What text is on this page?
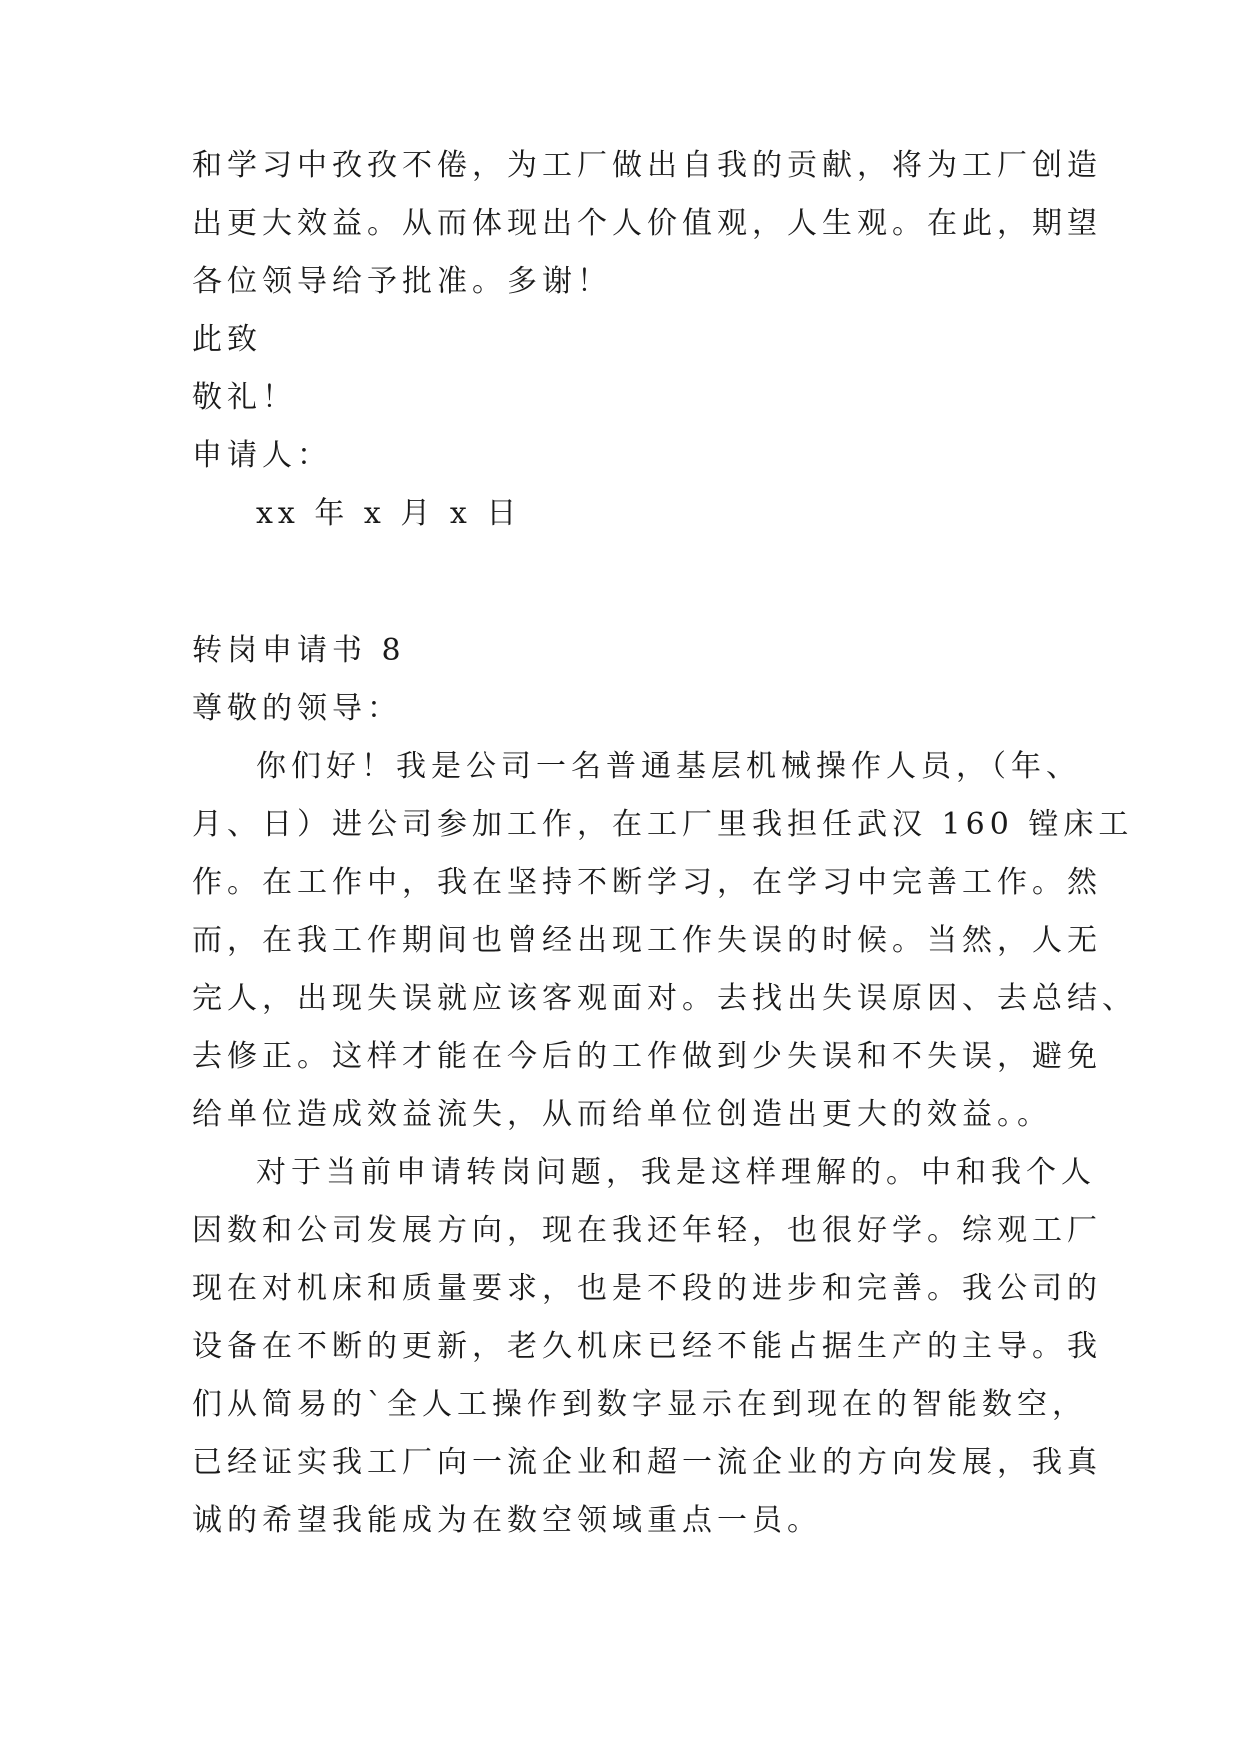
和学习中孜孜不倦，为工厂做出自我的贡献，将为工厂创造
出更大效益。从而体现出个人价值观，人生观。在此，期望
各位领导给予批准。多谢！
此致
敬礼！
申请人：
xx 年 x 月 x 日
转岗申请书 8
尊敬的领导：
你们好！我是公司一名普通基层机械操作人员，（年、
月、日）进公司参加工作，在工厂里我担任武汉 160 镗床工
作。在工作中，我在坚持不断学习，在学习中完善工作。然
而，在我工作期间也曾经出现工作失误的时候。当然，人无
完人，出现失误就应该客观面对。去找出失误原因、去总结、
去修正。这样才能在今后的工作做到少失误和不失误，避免
给单位造成效益流失，从而给单位创造出更大的效益。。
对于当前申请转岗问题，我是这样理解的。中和我个人
因数和公司发展方向，现在我还年轻，也很好学。综观工厂
现在对机床和质量要求，也是不段的进步和完善。我公司的
设备在不断的更新，老久机床已经不能占据生产的主导。我
们从简易的`全人工操作到数字显示在到现在的智能数空，
已经证实我工厂向一流企业和超一流企业的方向发展，我真
诚的希望我能成为在数空领域重点一员。
